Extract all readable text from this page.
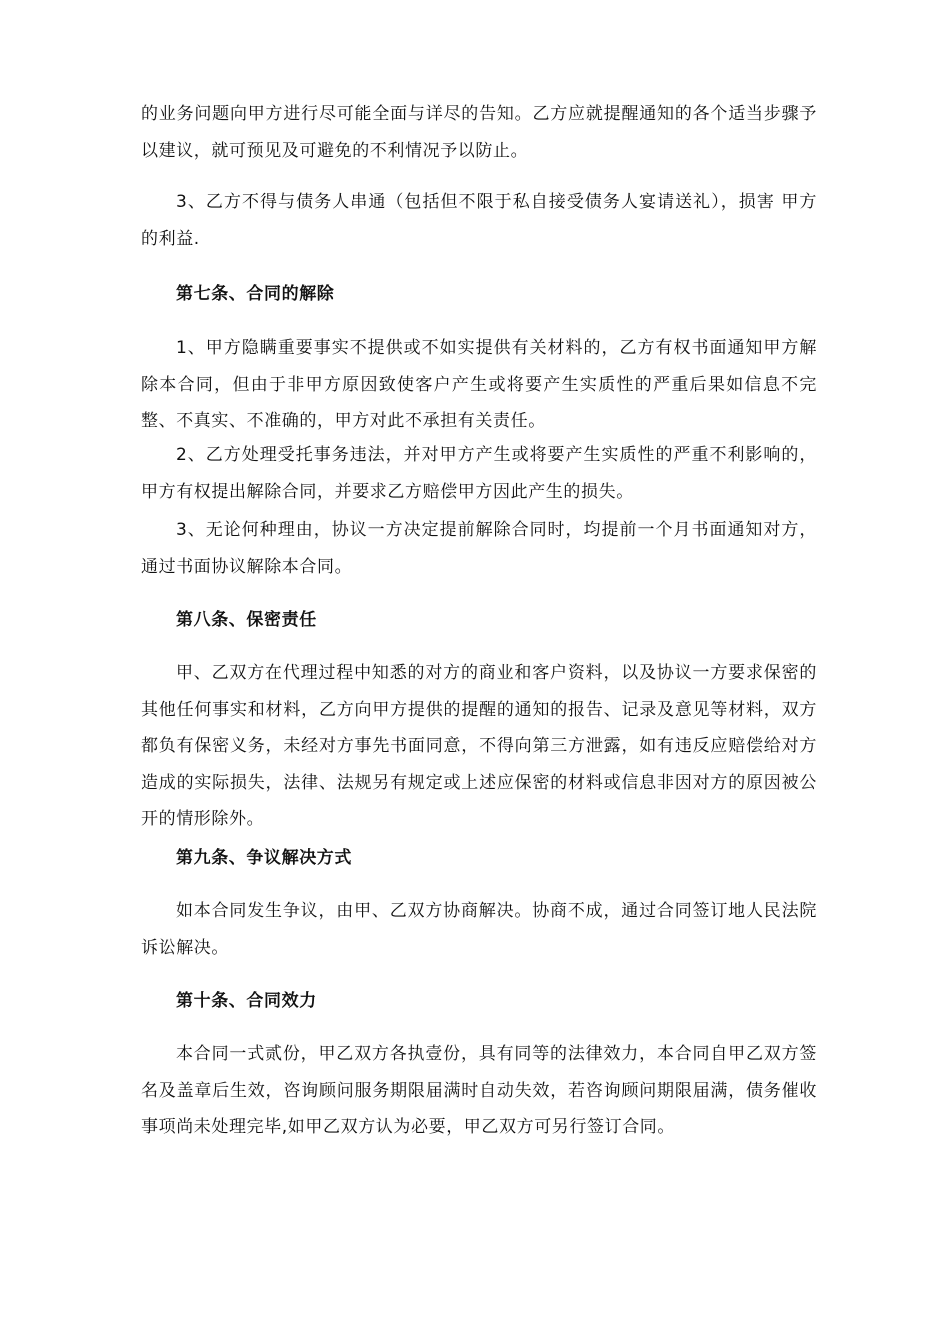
的业务问题向甲方进行尽可能全面与详尽的告知。乙方应就提醒通知的各个适当步骤予以建议，就可预见及可避免的不利情况予以防止。
3、乙方不得与债务人串通（包括但不限于私自接受债务人宴请送礼），损害 甲方的利益.
第七条、合同的解除
1、甲方隐瞒重要事实不提供或不如实提供有关材料的，乙方有权书面通知甲方解除本合同，但由于非甲方原因致使客户产生或将要产生实质性的严重后果如信息不完整、不真实、不准确的，甲方对此不承担有关责任。
2、乙方处理受托事务违法，并对甲方产生或将要产生实质性的严重不利影响的，甲方有权提出解除合同，并要求乙方赔偿甲方因此产生的损失。
3、无论何种理由，协议一方决定提前解除合同时，均提前一个月书面通知对方，通过书面协议解除本合同。
第八条、保密责任
甲、乙双方在代理过程中知悉的对方的商业和客户资料，以及协议一方要求保密的其他任何事实和材料，乙方向甲方提供的提醒的通知的报告、记录及意见等材料，双方都负有保密义务，未经对方事先书面同意，不得向第三方泄露，如有违反应赔偿给对方造成的实际损失，法律、法规另有规定或上述应保密的材料或信息非因对方的原因被公开的情形除外。
第九条、争议解决方式
如本合同发生争议，由甲、乙双方协商解决。协商不成，通过合同签订地人民法院诉讼解决。
第十条、合同效力
本合同一式贰份，甲乙双方各执壹份，具有同等的法律效力，本合同自甲乙双方签名及盖章后生效，咨询顾问服务期限届满时自动失效，若咨询顾问期限届满，债务催收事项尚未处理完毕,如甲乙双方认为必要，甲乙双方可另行签订合同。
